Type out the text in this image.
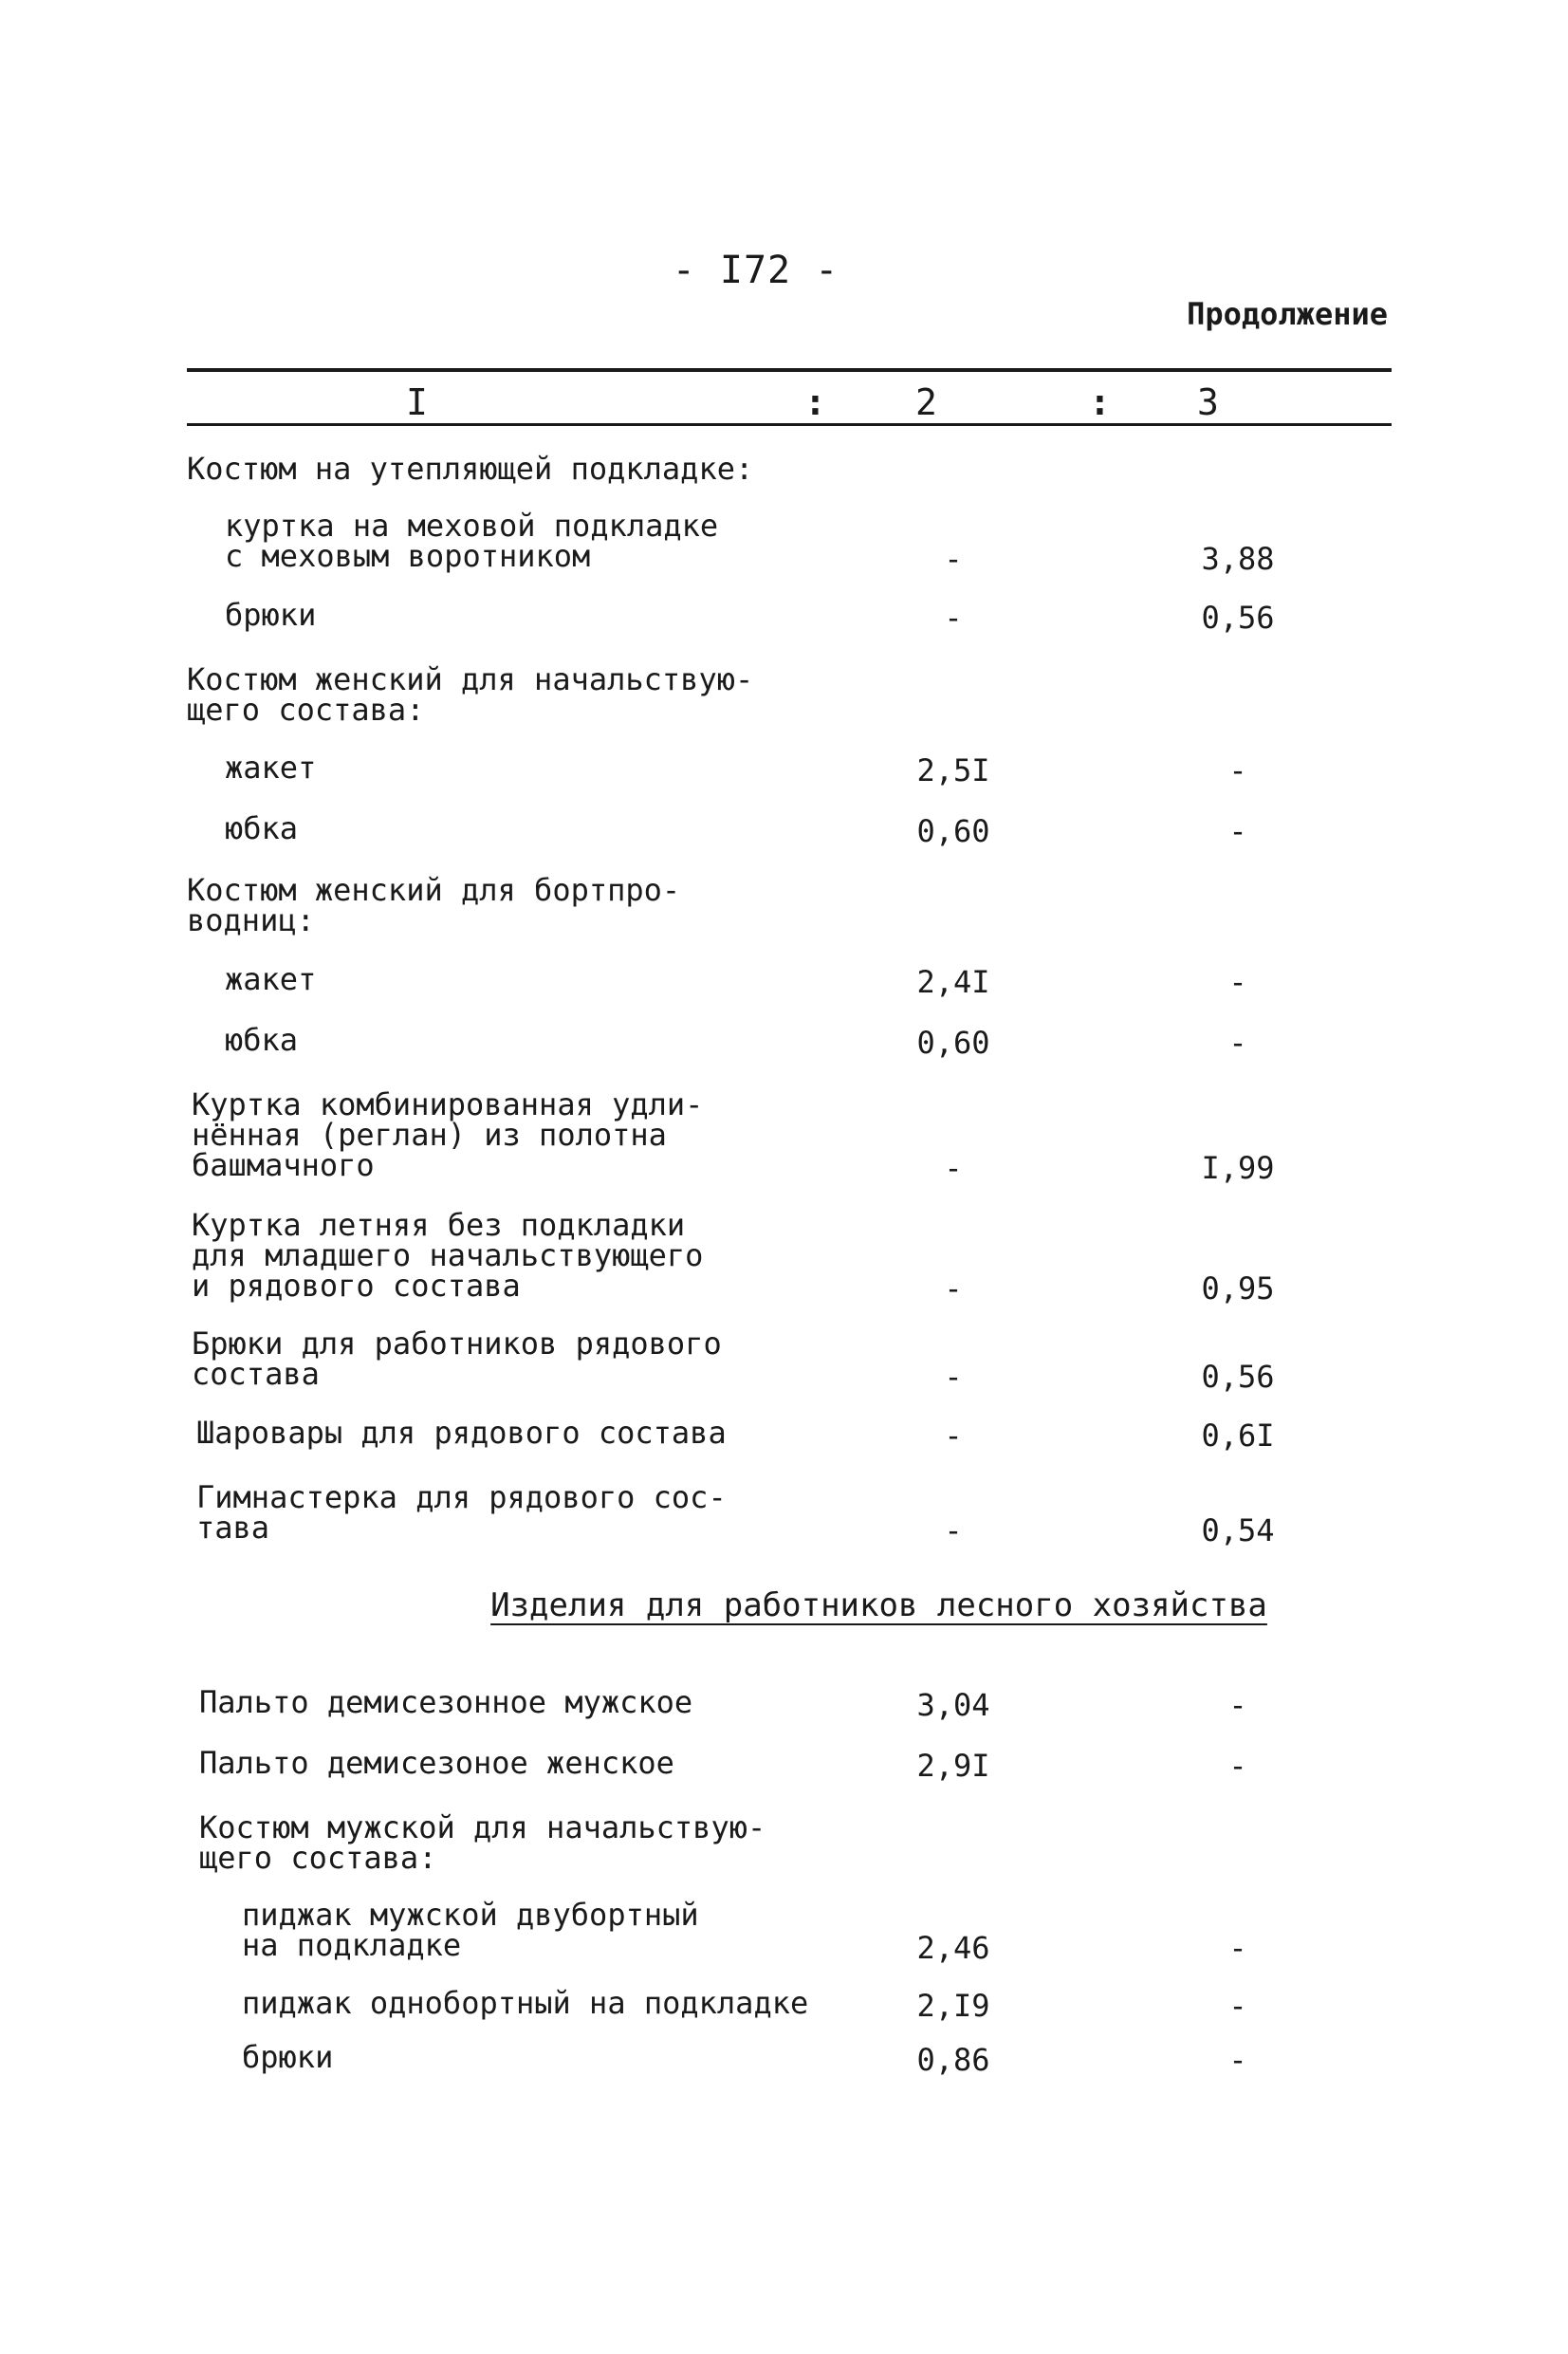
- I72 -
Продолжение
I	: 2	: 3
Костюм на утепляющей подкладке:
куртка на меховой подкладке
с меховым воротником	-	3,88
брюки	-	0,56
Костюм женский для начальствую-
щего состава:
жакет	2,5I	-
юбка	0,60	-
Костюм женский для бортпро-
водниц:
жакет	2,4I	-
юбка	0,60	-
Куртка комбинированная удли-
нённая (реглан) из полотна
башмачного	-	I,99
Куртка летняя без подкладки
для младшего начальствующего
и рядового состава	-	0,95
Брюки для работников рядового
состава	-	0,56
Шаровары для рядового состава	-	0,6I
Гимнастерка для рядового сос-
тава	-	0,54
Изделия для работников лесного хозяйства
Пальто демисезонное мужское	3,04	-
Пальто демисезоное женское	2,9I	-
Костюм мужской для начальствую-
щего состава:
пиджак мужской двубортный
на подкладке	2,46	-
пиджак однобортный на подкладке	2,I9	-
брюки	0,86	-
